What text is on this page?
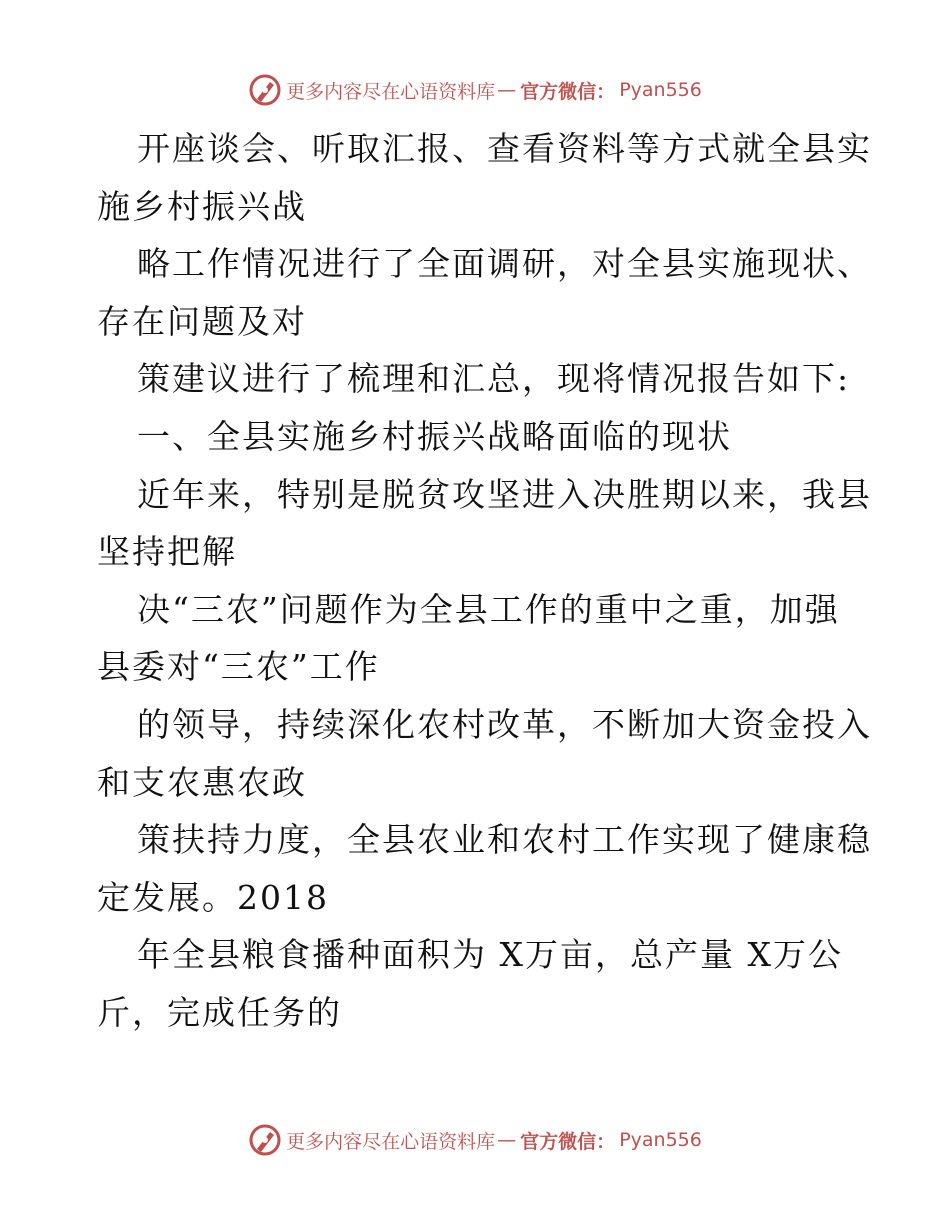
更多内容尽在心语资料库 — 官方微信： Pyan556

开座谈会、听取汇报、查看资料等方式就全县实

施乡村振兴战

略工作情况进行了全面调研，对全县实施现状、

存在问题及对

策建议进行了梳理和汇总，现将情况报告如下:

一、全县实施乡村振兴战略面临的现状

近年来，特别是脱贫攻坚进入决胜期以来，我县

坚持把解

决“三农”问题作为全县工作的重中之重，加强

县委对“三农”工作

的领导，持续深化农村改革，不断加大资金投入

和支农惠农政

策扶持力度，全县农业和农村工作实现了健康稳

定发展。2018

年全县粮食播种面积为 X万亩，总产量 X万公

斤，完成任务的

更多内容尽在心语资料库 — 官方微信： Pyan556
